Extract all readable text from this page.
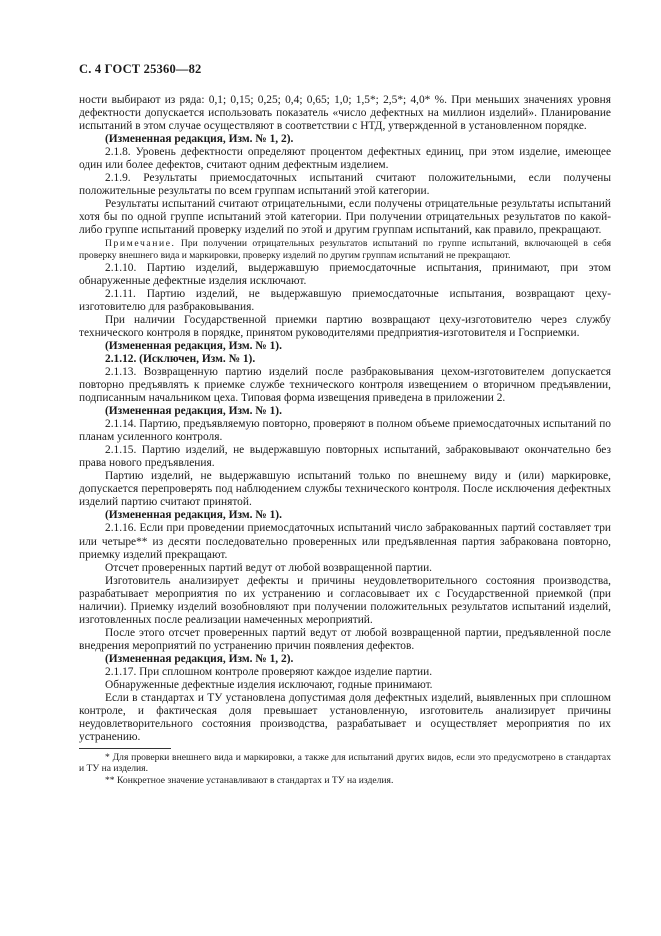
С. 4 ГОСТ 25360—82

ности выбирают из ряда: 0,1; 0,15; 0,25; 0,4; 0,65; 1,0; 1,5*; 2,5*; 4,0* %. При меньших значениях уровня дефектности допускается использовать показатель «число дефектных на миллион изделий». Планирование испытаний в этом случае осуществляют в соответствии с НТД, утвержденной в установленном порядке.

(Измененная редакция, Изм. № 1, 2).

2.1.8. Уровень дефектности определяют процентом дефектных единиц, при этом изделие, имеющее один или более дефектов, считают одним дефектным изделием.

2.1.9. Результаты приемосдаточных испытаний считают положительными, если получены положительные результаты по всем группам испытаний этой категории.

Результаты испытаний считают отрицательными, если получены отрицательные результаты испытаний хотя бы по одной группе испытаний этой категории. При получении отрицательных результатов по какой-либо группе испытаний проверку изделий по этой и другим группам испытаний, как правило, прекращают.

Примечание. При получении отрицательных результатов испытаний по группе испытаний, включающей в себя проверку внешнего вида и маркировки, проверку изделий по другим группам испытаний не прекращают.

2.1.10. Партию изделий, выдержавшую приемосдаточные испытания, принимают, при этом обнаруженные дефектные изделия исключают.

2.1.11. Партию изделий, не выдержавшую приемосдаточные испытания, возвращают цеху-изготовителю для разбраковывания.

При наличии Государственной приемки партию возвращают цеху-изготовителю через службу технического контроля в порядке, принятом руководителями предприятия-изготовителя и Госприемки.

(Измененная редакция, Изм. № 1).

2.1.12. (Исключен, Изм. № 1).

2.1.13. Возвращенную партию изделий после разбраковывания цехом-изготовителем допускается повторно предъявлять к приемке службе технического контроля извещением о вторичном предъявлении, подписанным начальником цеха. Типовая форма извещения приведена в приложении 2.

(Измененная редакция, Изм. № 1).

2.1.14. Партию, предъявляемую повторно, проверяют в полном объеме приемосдаточных испытаний по планам усиленного контроля.

2.1.15. Партию изделий, не выдержавшую повторных испытаний, забраковывают окончательно без права нового предъявления.

Партию изделий, не выдержавшую испытаний только по внешнему виду и (или) маркировке, допускается перепроверять под наблюдением службы технического контроля. После исключения дефектных изделий партию считают принятой.

(Измененная редакция, Изм. № 1).

2.1.16. Если при проведении приемосдаточных испытаний число забракованных партий составляет три или четыре** из десяти последовательно проверенных или предъявленная партия забракована повторно, приемку изделий прекращают.

Отсчет проверенных партий ведут от любой возвращенной партии.

Изготовитель анализирует дефекты и причины неудовлетворительного состояния производства, разрабатывает мероприятия по их устранению и согласовывает их с Государственной приемкой (при наличии). Приемку изделий возобновляют при получении положительных результатов испытаний изделий, изготовленных после реализации намеченных мероприятий.

После этого отсчет проверенных партий ведут от любой возвращенной партии, предъявленной после внедрения мероприятий по устранению причин появления дефектов.

(Измененная редакция, Изм. № 1, 2).

2.1.17. При сплошном контроле проверяют каждое изделие партии.

Обнаруженные дефектные изделия исключают, годные принимают.

Если в стандартах и ТУ установлена допустимая доля дефектных изделий, выявленных при сплошном контроле, и фактическая доля превышает установленную, изготовитель анализирует причины неудовлетворительного состояния производства, разрабатывает и осуществляет мероприятия по их устранению.

* Для проверки внешнего вида и маркировки, а также для испытаний других видов, если это предусмотрено в стандартах и ТУ на изделия.

** Конкретное значение устанавливают в стандартах и ТУ на изделия.
